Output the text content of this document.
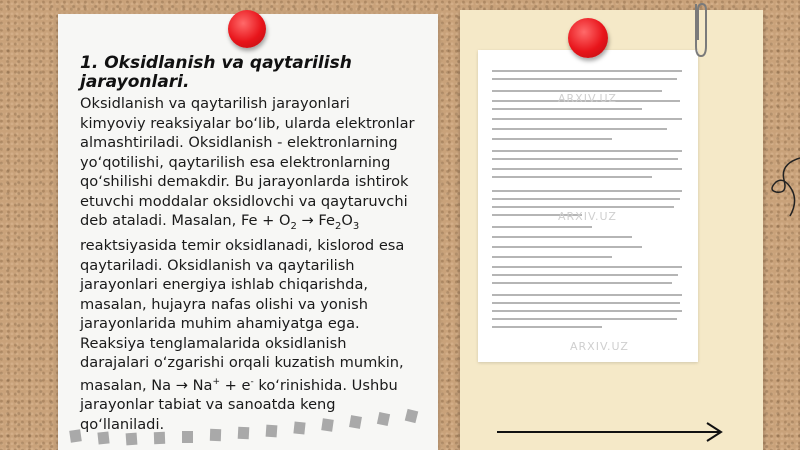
1. Oksidlanish va qaytarilish jarayonlari.

Oksidlanish va qaytarilish jarayonlari kimyoviy reaksiyalar bo‘lib, ularda elektronlar almashtiriladi. Oksidlanish - elektronlarning yo‘qotilishi, qaytarilish esa elektronlarning qo‘shilishi demakdir. Bu jarayonlarda ishtirok etuvchi moddalar oksidlovchi va qaytaruvchi deb ataladi. Masalan, $Fe + O_2 \to Fe_2O_3$ reaktsiyasida temir oksidlanadi, kislorod esa qaytariladi. Oksidlanish va qaytarilish jarayonlari energiya ishlab chiqarishda, masalan, hujayra nafas olishi va yonish jarayonlarida muhim ahamiyatga ega. Reaksiya tenglamalarida oksidlanish darajalari o‘zgarishi orqali kuzatish mumkin, masalan, Na → Na+ + e- ko‘rinishida. Ushbu jarayonlar tabiat va sanoatda keng qo‘llaniladi.

ARXIV.UZ
ARXIV.UZ
ARXIV.UZ
